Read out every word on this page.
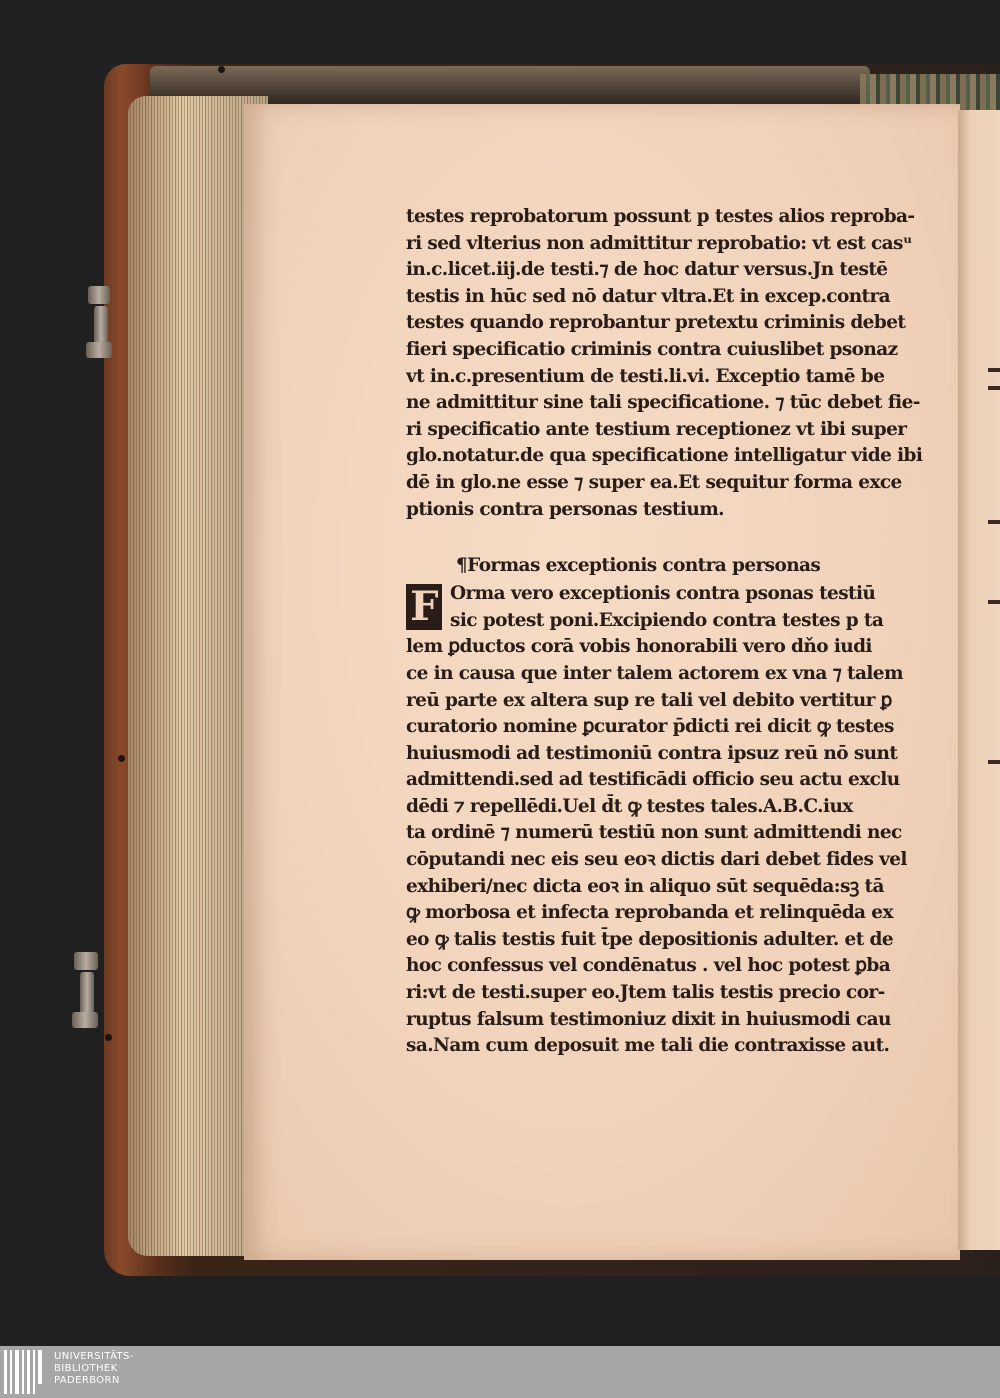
testes reprobatorum possunt p testes alios reproba-
ri sed vlterius non admittitur reprobatio: vt est casᵘ
in.c.licet.iij.de testi.⁊ de hoc datur versus.Jn testē
testis in hūc sed nō datur vltra.Et in excep.contra
testes quando reprobantur pretextu criminis debet
fieri specificatio criminis contra cuiuslibet psonaz
vt in.c.presentium de testi.li.vi. Exceptio tamē be
ne admittitur sine tali specificatione. ⁊ tūc debet fie-
ri specificatio ante testium receptionez vt ibi super
glo.notatur.de qua specificatione intelligatur vide ibi
dē in glo.ne esse ⁊ super ea.Et sequitur forma exce
ptionis contra personas testium.
¶Formas exceptionis contra personas
F Orma vero exceptionis contra psonas testiū
sic potest poni.Excipiendo contra testes p ta
lem ꝑductos corā vobis honorabili vero dňo iudi
ce in causa que inter talem actorem ex vna ⁊ talem
reū parte ex altera sup re tali vel debito vertitur ꝑ
curatorio nomine ꝑcurator p̄dicti rei dicit ꝙ testes
huiusmodi ad testimoniū contra ipsuz reū nō sunt
admittendi.sed ad testificādi officio seu actu exclu
dēdi ⁊ repellēdi.Uel d̄t ꝙ testes tales.A.B.C.iux
ta ordinē ⁊ numerū testiū non sunt admittendi nec
cōputandi nec eis seu eoꝛ dictis dari debet fides vel
exhiberi/nec dicta eoꝛ in aliquo sūt sequēda:sꝫ tā
ꝙ morbosa et infecta reprobanda et relinquēda ex
eo ꝙ talis testis fuit t̄pe depositionis adulter. et de
hoc confessus vel condēnatus . vel hoc potest ꝑba
ri:vt de testi.super eo.Jtem talis testis precio cor-
ruptus falsum testimoniuz dixit in huiusmodi cau
sa.Nam cum deposuit me tali die contraxisse aut.
UNIVERSITÄTS-
BIBLIOTHEK
PADERBORN
